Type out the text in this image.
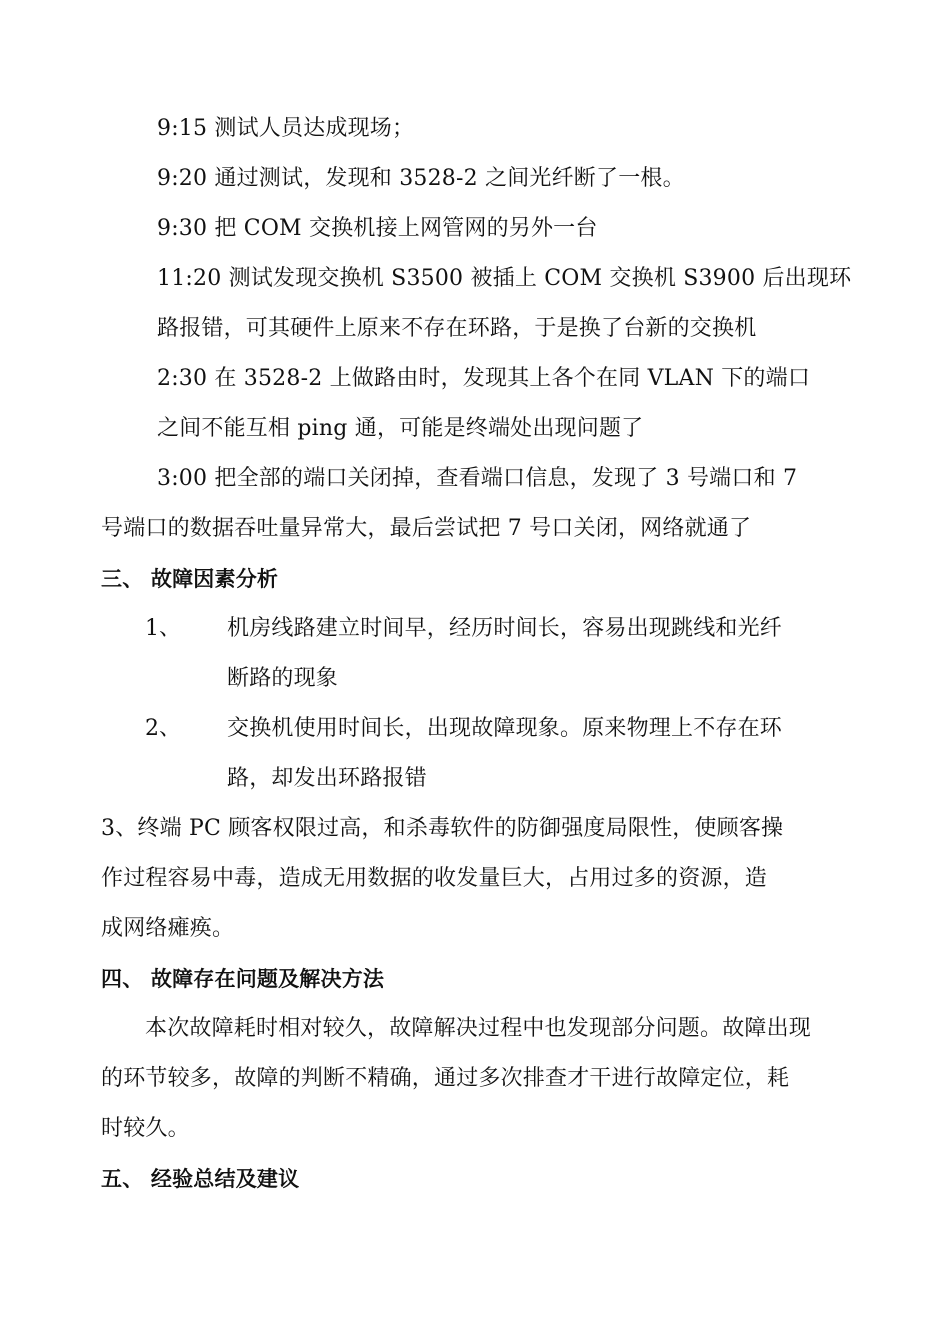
9:15 测试人员达成现场；
9:20 通过测试，发现和 3528-2 之间光纤断了一根。
9:30 把 COM 交换机接上网管网的另外一台
11:20 测试发现交换机 S3500 被插上 COM 交换机 S3900 后出现环
路报错，可其硬件上原来不存在环路，于是换了台新的交换机
2:30 在 3528-2 上做路由时，发现其上各个在同 VLAN 下的端口
之间不能互相 ping 通，可能是终端处出现问题了
3:00 把全部的端口关闭掉，查看端口信息，发现了 3 号端口和 7
号端口的数据吞吐量异常大，最后尝试把 7 号口关闭，网络就通了
三、 故障因素分析
1、 机房线路建立时间早，经历时间长，容易出现跳线和光纤
断路的现象
2、 交换机使用时间长，出现故障现象。原来物理上不存在环
路，却发出环路报错
3、终端 PC 顾客权限过高，和杀毒软件的防御强度局限性，使顾客操
作过程容易中毒，造成无用数据的收发量巨大，占用过多的资源，造
成网络瘫痪。
四、 故障存在问题及解决方法
本次故障耗时相对较久，故障解决过程中也发现部分问题。故障出现
的环节较多，故障的判断不精确，通过多次排查才干进行故障定位，耗
时较久。
五、 经验总结及建议
